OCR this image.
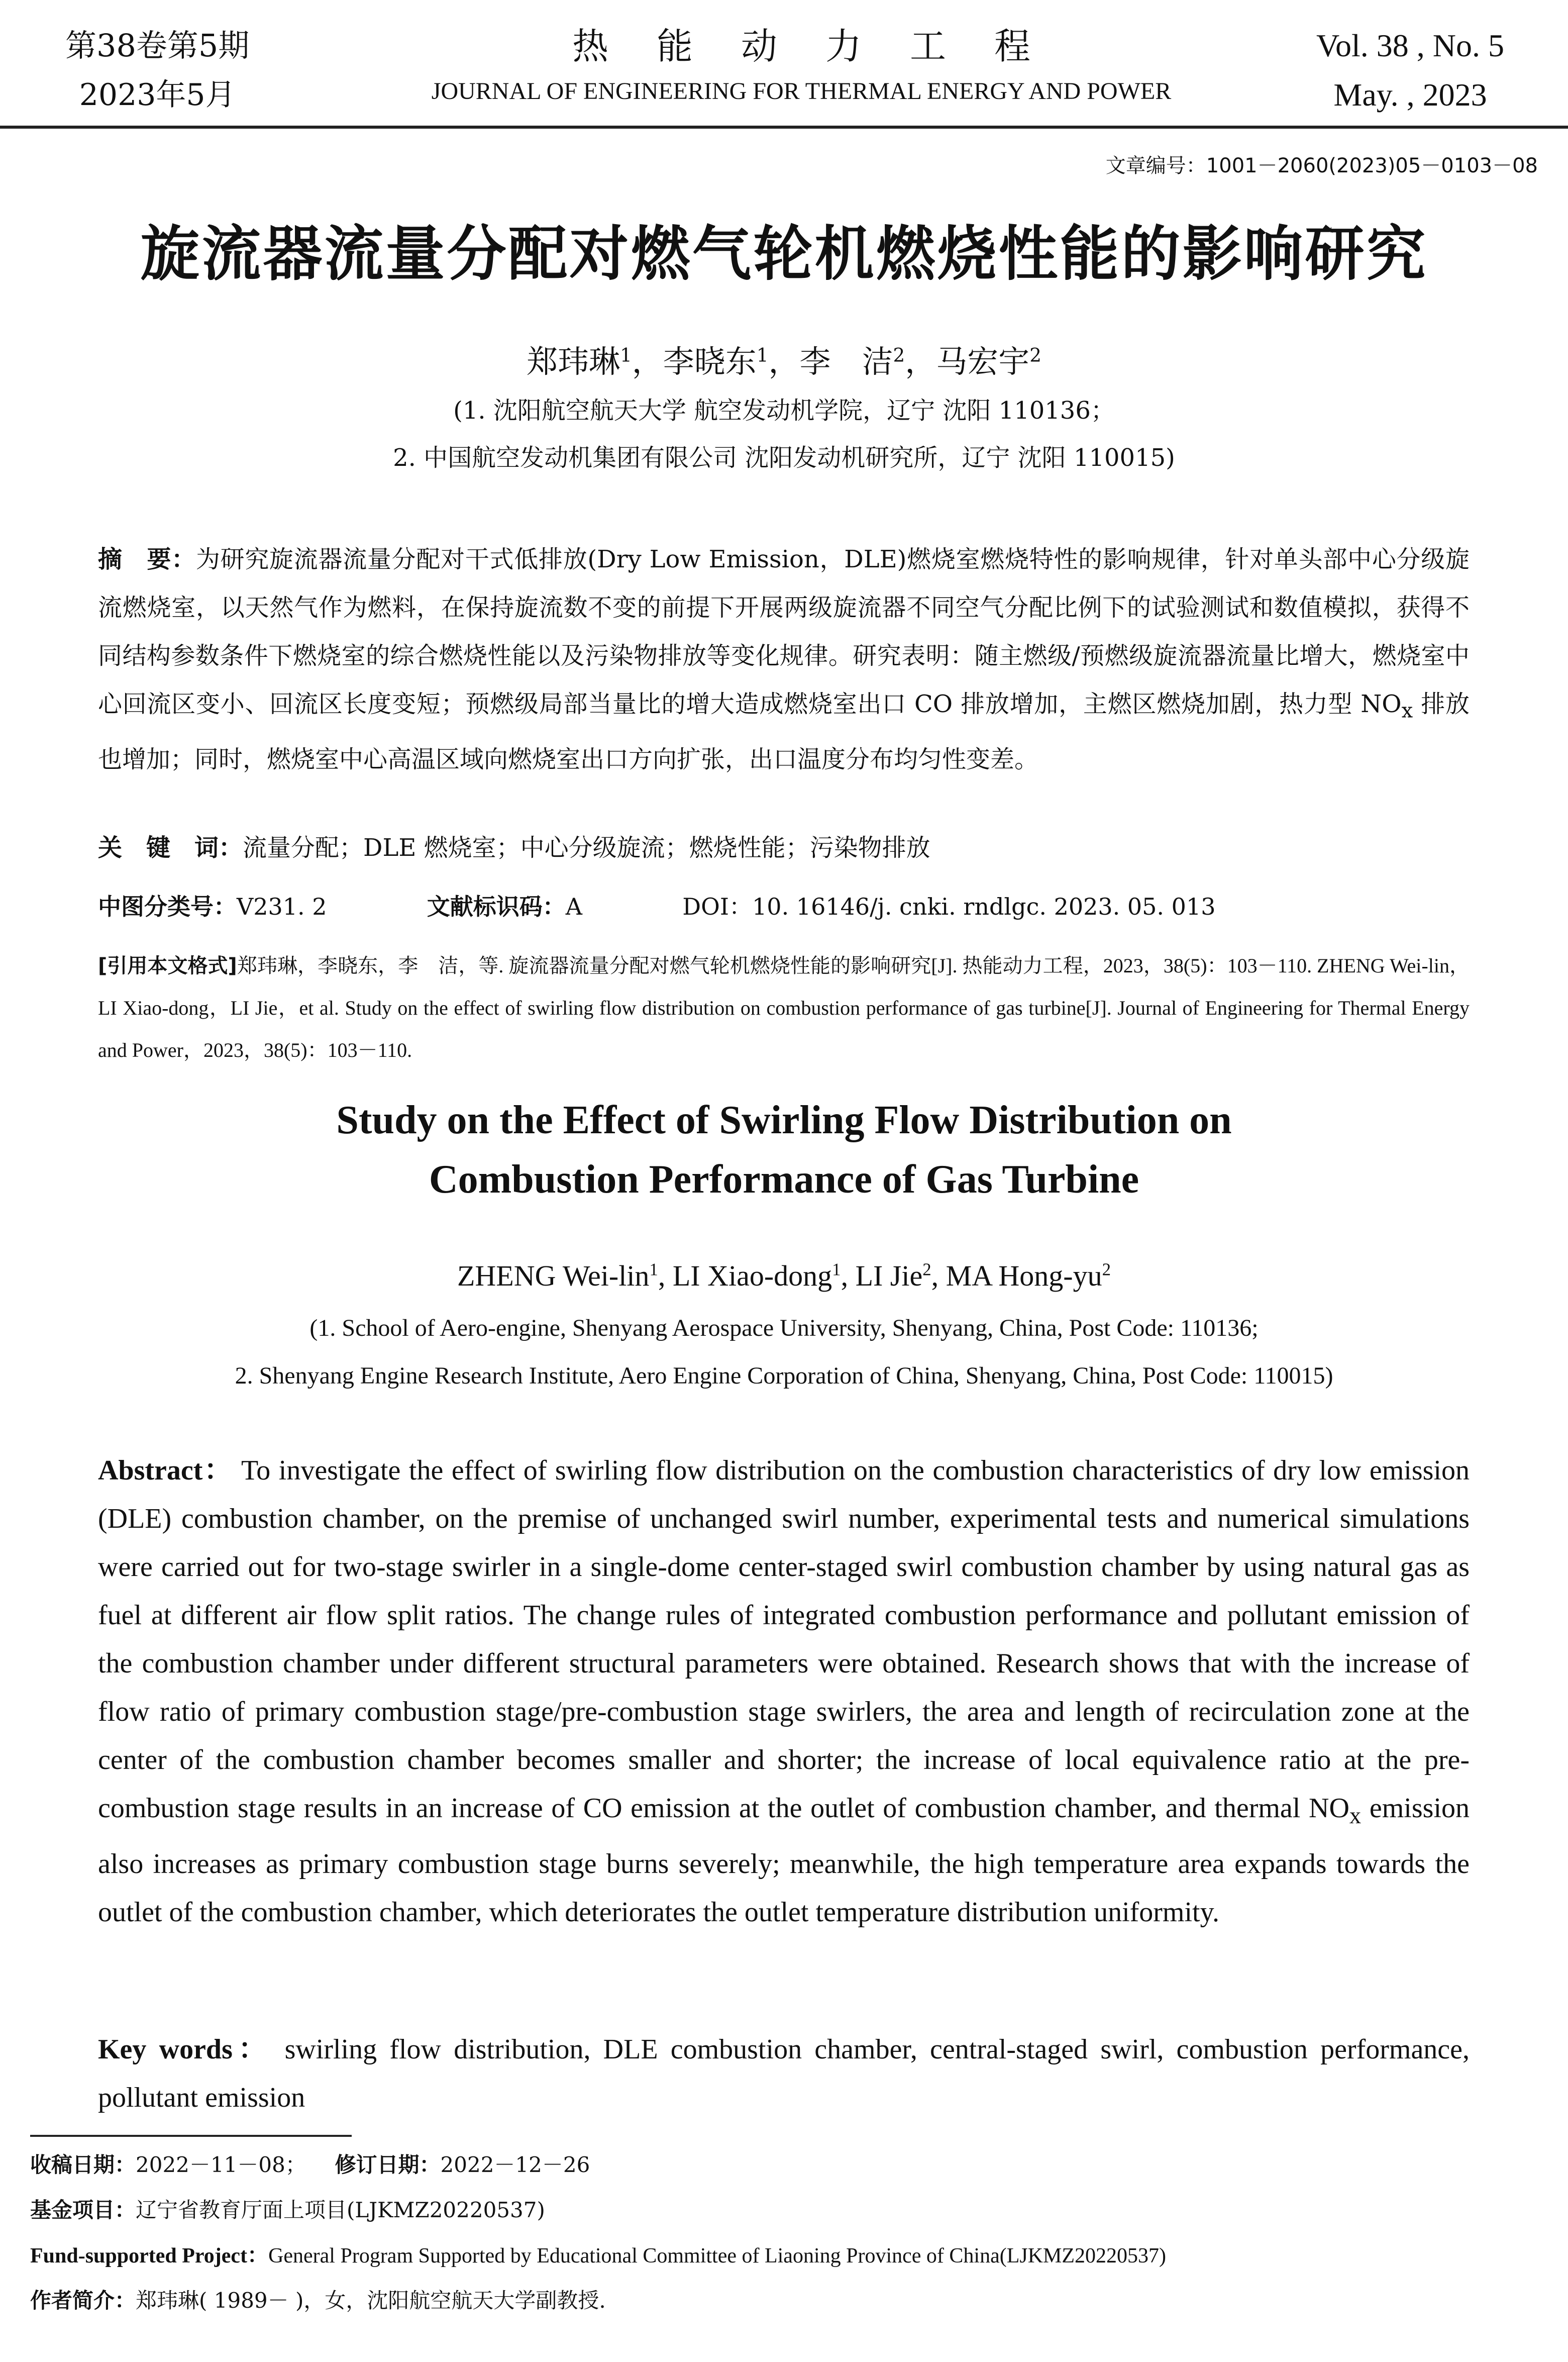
第38卷第5期
2023年5月
热能动力工程
JOURNAL OF ENGINEERING FOR THERMAL ENERGY AND POWER
Vol. 38 , No. 5
May. , 2023
文章编号：1001－2060(2023)05－0103－08
旋流器流量分配对燃气轮机燃烧性能的影响研究
郑玮琳$^1$，李晓东$^1$，李　洁$^2$，马宏宇$^2$
(1. 沈阳航空航天大学 航空发动机学院，辽宁 沈阳 110136；
2. 中国航空发动机集团有限公司 沈阳发动机研究所，辽宁 沈阳 110015)
摘　要：为研究旋流器流量分配对干式低排放(Dry Low Emission，DLE)燃烧室燃烧特性的影响规律，针对单头部中心分级旋流燃烧室，以天然气作为燃料，在保持旋流数不变的前提下开展两级旋流器不同空气分配比例下的试验测试和数值模拟，获得不同结构参数条件下燃烧室的综合燃烧性能以及污染物排放等变化规律。研究表明：随主燃级/预燃级旋流器流量比增大，燃烧室中心回流区变小、回流区长度变短；预燃级局部当量比的增大造成燃烧室出口 CO 排放增加，主燃区燃烧加剧，热力型 $NO_x$ 排放也增加；同时，燃烧室中心高温区域向燃烧室出口方向扩张，出口温度分布均匀性变差。
关　键　词：流量分配；DLE 燃烧室；中心分级旋流；燃烧性能；污染物排放
中图分类号：V231. 2	文献标识码：A	DOI：10. 16146/j. cnki. rndlgc. 2023. 05. 013
[引用本文格式]郑玮琳，李晓东，李　洁，等. 旋流器流量分配对燃气轮机燃烧性能的影响研究[J]. 热能动力工程，2023，38(5)：103－110. ZHENG Wei-lin，LI Xiao-dong，LI Jie，et al. Study on the effect of swirling flow distribution on combustion performance of gas turbine[J]. Journal of Engineering for Thermal Energy and Power，2023，38(5)：103－110.
Study on the Effect of Swirling Flow Distribution on
Combustion Performance of Gas Turbine
ZHENG Wei-lin$^1$, LI Xiao-dong$^1$, LI Jie$^2$, MA Hong-$yu^2$
(1. School of Aero-engine, Shenyang Aerospace University, Shenyang, China, Post Code: 110136;
2. Shenyang Engine Research Institute, Aero Engine Corporation of China, Shenyang, China, Post Code: 110015)
Abstract： To investigate the effect of swirling flow distribution on the combustion characteristics of dry low emission (DLE) combustion chamber, on the premise of unchanged swirl number, experimental tests and numerical simulations were carried out for two-stage swirler in a single-dome center-staged swirl combustion chamber by using natural gas as fuel at different air flow split ratios. The change rules of integrated combustion performance and pollutant emission of the combustion chamber under different structural parameters were obtained. Research shows that with the increase of flow ratio of primary combustion stage/pre-combustion stage swirlers, the area and length of recirculation zone at the center of the combustion chamber becomes smaller and shorter; the increase of local equivalence ratio at the pre-combustion stage results in an increase of CO emission at the outlet of combustion chamber, and thermal $NO_x$ emission also increases as primary combustion stage burns severely; meanwhile, the high temperature area expands towards the outlet of the combustion chamber, which deteriorates the outlet temperature distribution uniformity.
Key words： swirling flow distribution, DLE combustion chamber, central-staged swirl, combustion performance, pollutant emission
收稿日期：2022－11－08； 修订日期：2022－12－26
基金项目：辽宁省教育厅面上项目(LJKMZ20220537)
Fund-supported Project：General Program Supported by Educational Committee of Liaoning Province of China(LJKMZ20220537)
作者简介：郑玮琳( 1989－ )，女，沈阳航空航天大学副教授.
